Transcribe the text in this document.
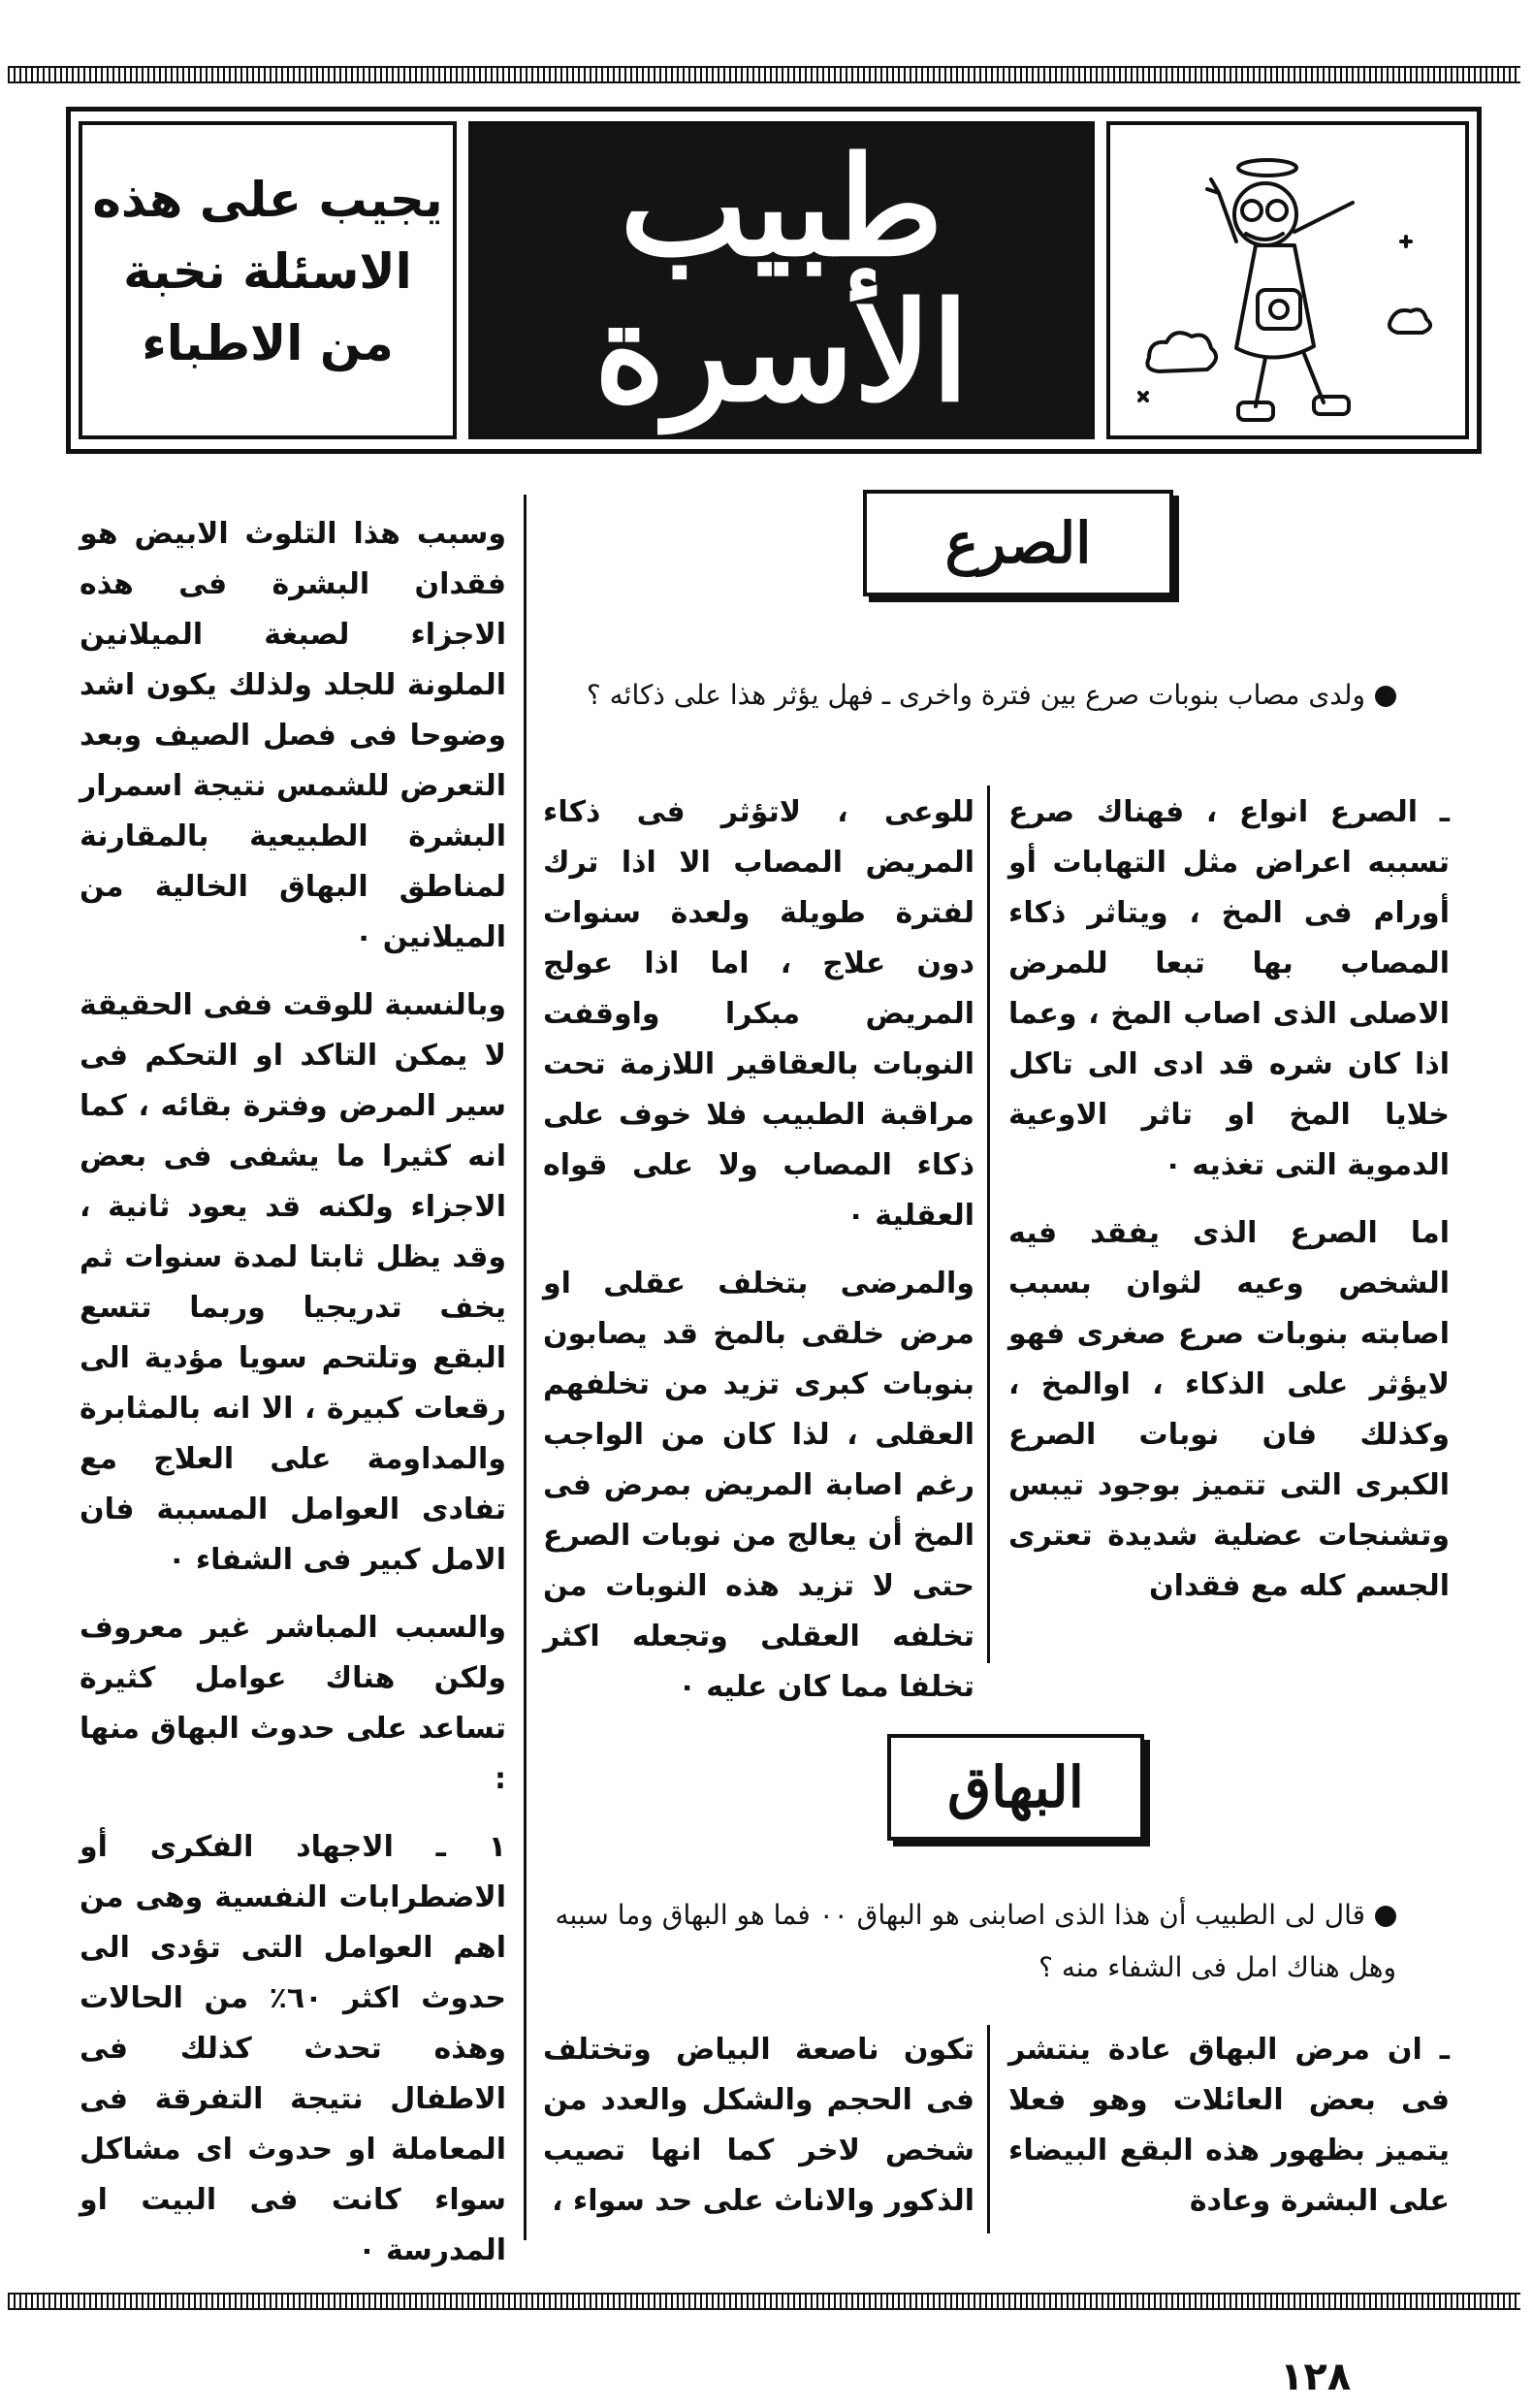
يجيب على هذه
الاسئلة نخبة
من الاطباء
طبيب
الأسرة
الصرع
ولدى مصاب بنوبات صرع بين فترة واخرى ـ فهل يؤثر هذا على ذكائه ؟

ـ الصرع انواع ، فهناك صرع تسببه اعراض مثل التهابات أو أورام فى المخ ، ويتاثر ذكاء المصاب بها تبعا للمرض الاصلى الذى اصاب المخ ، وعما اذا كان شره قد ادى الى تاكل خلايا المخ او تاثر الاوعية الدموية التى تغذيه ٠

اما الصرع الذى يفقد فيه الشخص وعيه لثوان بسبب اصابته بنوبات صرع صغرى فهو لايؤثر على الذكاء ، اوالمخ ، وكذلك فان نوبات الصرع الكبرى التى تتميز بوجود تيبس وتشنجات عضلية شديدة تعترى الجسم كله مع فقدان

للوعى ، لاتؤثر فى ذكاء المريض المصاب الا اذا ترك لفترة طويلة ولعدة سنوات دون علاج ، اما اذا عولج المريض مبكرا واوقفت النوبات بالعقاقير اللازمة تحت مراقبة الطبيب فلا خوف على ذكاء المصاب ولا على قواه العقلية ٠

والمرضى بتخلف عقلى او مرض خلقى بالمخ قد يصابون بنوبات كبرى تزيد من تخلفهم العقلى ، لذا كان من الواجب رغم اصابة المريض بمرض فى المخ أن يعالج من نوبات الصرع حتى لا تزيد هذه النوبات من تخلفه العقلى وتجعله اكثر تخلفا مما كان عليه ٠

البهاق
قال لى الطبيب أن هذا الذى اصابنى هو البهاق ٠٠ فما هو البهاق وما سببه وهل هناك امل فى الشفاء منه ؟

ـ ان مرض البهاق عادة ينتشر فى بعض العائلات وهو فعلا يتميز بظهور هذه البقع البيضاء على البشرة وعادة

تكون ناصعة البياض وتختلف فى الحجم والشكل والعدد من شخص لاخر كما انها تصيب الذكور والاناث على حد سواء ،

وسبب هذا التلوث الابيض هو فقدان البشرة فى هذه الاجزاء لصبغة الميلانين الملونة للجلد ولذلك يكون اشد وضوحا فى فصل الصيف وبعد التعرض للشمس نتيجة اسمرار البشرة الطبيعية بالمقارنة لمناطق البهاق الخالية من الميلانين ٠

وبالنسبة للوقت ففى الحقيقة لا يمكن التاكد او التحكم فى سير المرض وفترة بقائه ، كما انه كثيرا ما يشفى فى بعض الاجزاء ولكنه قد يعود ثانية ، وقد يظل ثابتا لمدة سنوات ثم يخف تدريجيا وربما تتسع البقع وتلتحم سويا مؤدية الى رقعات كبيرة ، الا انه بالمثابرة والمداومة على العلاج مع تفادى العوامل المسببة فان الامل كبير فى الشفاء ٠

والسبب المباشر غير معروف ولكن هناك عوامل كثيرة تساعد على حدوث البهاق منها :

١ ـ الاجهاد الفكرى أو الاضطرابات النفسية وهى من اهم العوامل التى تؤدى الى حدوث اكثر ٦٠٪ من الحالات وهذه تحدث كذلك فى الاطفال نتيجة التفرقة فى المعاملة او حدوث اى مشاكل سواء كانت فى البيت او المدرسة ٠

١٢٨
